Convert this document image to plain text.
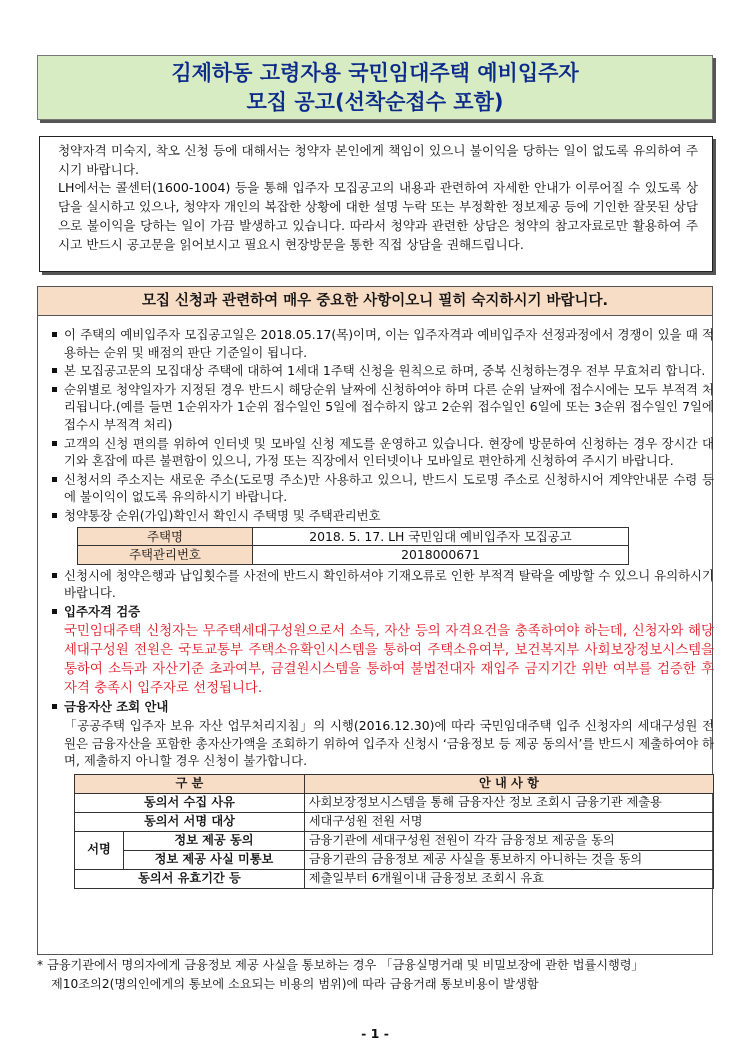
김제하동 고령자용 국민임대주택 예비입주자
모집 공고(선착순접수 포함)

청약자격 미숙지, 착오 신청 등에 대해서는 청약자 본인에게 책임이 있으니 불이익을 당하는 일이 없도록 유의하여 주시기 바랍니다.

LH에서는 콜센터(1600-1004) 등을 통해 입주자 모집공고의 내용과 관련하여 자세한 안내가 이루어질 수 있도록 상담을 실시하고 있으나, 청약자 개인의 복잡한 상황에 대한 설명 누락 또는 부정확한 정보제공 등에 기인한 잘못된 상담으로 불이익을 당하는 일이 가끔 발생하고 있습니다. 따라서 청약과 관련한 상담은 청약의 참고자료로만 활용하여 주시고 반드시 공고문을 읽어보시고 필요시 현장방문을 통한 직접 상담을 권해드립니다.

모집 신청과 관련하여 매우 중요한 사항이오니 필히 숙지하시기 바랍니다.

이 주택의 예비입주자 모집공고일은 2018.05.17(목)이며, 이는 입주자격과 예비입주자 선정과정에서 경쟁이 있을 때 적용하는 순위 및 배점의 판단 기준일이 됩니다.

본 모집공고문의 모집대상 주택에 대하여 1세대 1주택 신청을 원칙으로 하며, 중복 신청하는경우 전부 무효처리 합니다.

순위별로 청약일자가 지정된 경우 반드시 해당순위 날짜에 신청하여야 하며 다른 순위 날짜에 접수시에는 모두 부적격 처리됩니다.(예를 들면 1순위자가 1순위 접수일인 5일에 접수하지 않고 2순위 접수일인 6일에 또는 3순위 접수일인 7일에 접수시 부적격 처리)

고객의 신청 편의를 위하여 인터넷 및 모바일 신청 제도를 운영하고 있습니다. 현장에 방문하여 신청하는 경우 장시간 대기와 혼잡에 따른 불편함이 있으니, 가정 또는 직장에서 인터넷이나 모바일로 편안하게 신청하여 주시기 바랍니다.

신청서의 주소지는 새로운 주소(도로명 주소)만 사용하고 있으니, 반드시 도로명 주소로 신청하시어 계약안내문 수령 등에 불이익이 없도록 유의하시기 바랍니다.

청약통장 순위(가입)확인서 확인시 주택명 및 주택관리번호

주택명	2018. 5. 17. LH 국민임대 예비입주자 모집공고
주택관리번호	2018000671

신청시에 청약은행과 납입횟수를 사전에 반드시 확인하셔야 기재오류로 인한 부적격 탈락을 예방할 수 있으니 유의하시기 바랍니다.

입주자격 검증

국민임대주택 신청자는 무주택세대구성원으로서 소득, 자산 등의 자격요건을 충족하여야 하는데, 신청자와 해당 세대구성원 전원은 국토교통부 주택소유확인시스템을 통하여 주택소유여부, 보건복지부 사회보장정보시스템을 통하여 소득과 자산기준 초과여부, 금결원시스템을 통하여 불법전대자 재입주 금지기간 위반 여부를 검증한 후 자격 충족시 입주자로 선정됩니다.

금융자산 조회 안내

「공공주택 입주자 보유 자산 업무처리지침」의 시행(2016.12.30)에 따라 국민임대주택 입주 신청자의 세대구성원 전원은 금융자산을 포함한 총자산가액을 조회하기 위하여 입주자 신청시 ‘금융정보 등 제공 동의서’를 반드시 제출하여야 하며, 제출하지 아니할 경우 신청이 불가합니다.
구 분		안 내 사 항
동의서 수집 사유		사회보장정보시스템을 통해 금융자산 정보 조회시 금융기관 제출용
동의서 서명 대상		세대구성원 전원 서명
서명	정보 제공 동의	금융기관에 세대구성원 전원이 각각 금융정보 제공을 동의
	정보 제공 사실 미통보	금융기관의 금융정보 제공 사실을 통보하지 아니하는 것을 동의
동의서 유효기간 등		제출일부터 6개월이내 금융정보 조회시 유효

* 금융기관에서 명의자에게 금융정보 제공 사실을 통보하는 경우 「금융실명거래 및 비밀보장에 관한 법률시행령」

제10조의2(명의인에게의 통보에 소요되는 비용의 범위)에 따라 금융거래 통보비용이 발생함

- 1 -
